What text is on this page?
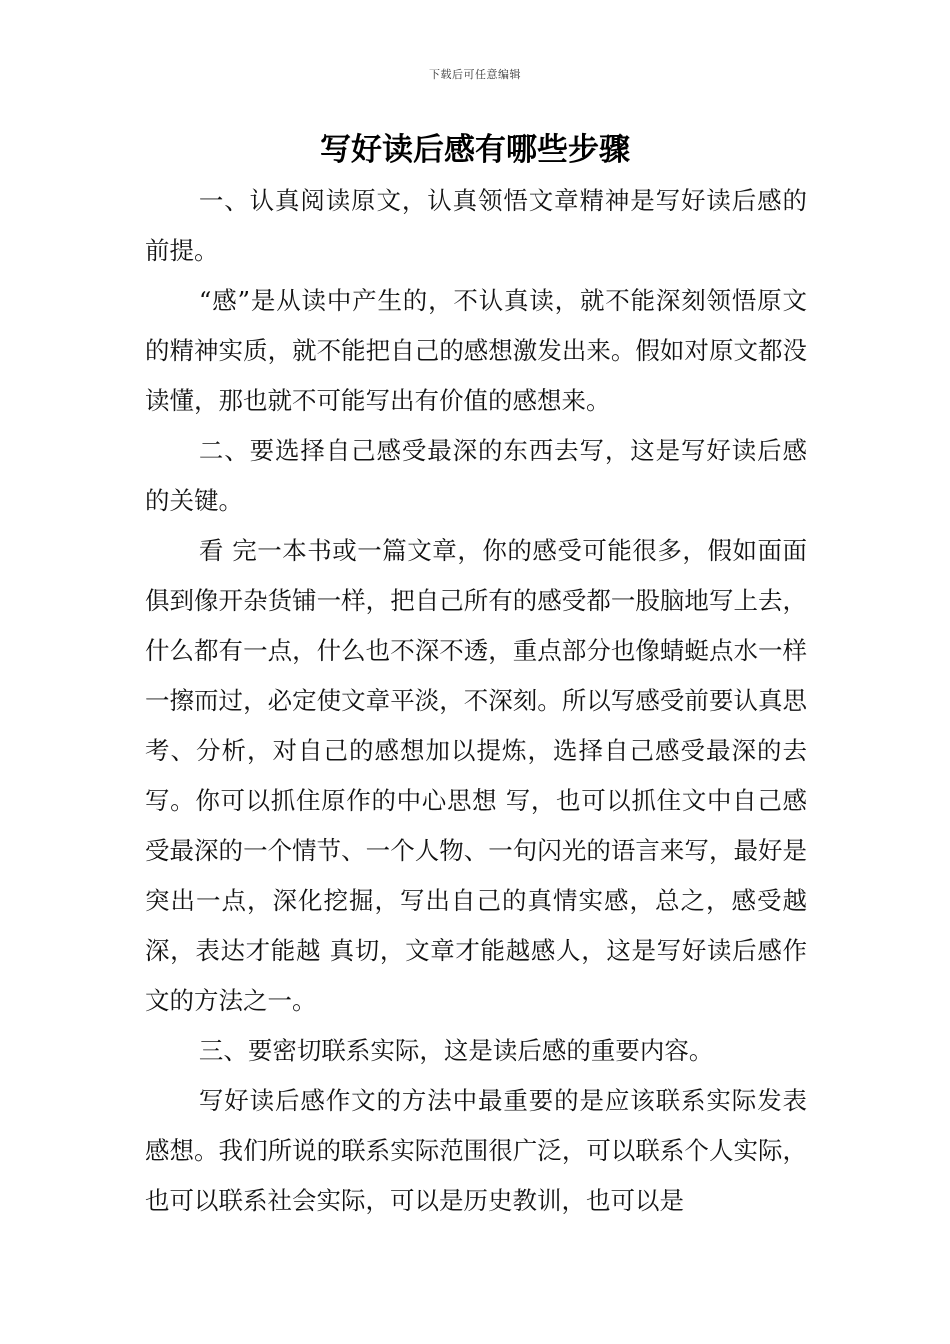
下载后可任意编辑
写好读后感有哪些步骤

一、认真阅读原文，认真领悟文章精神是写好读后感的前提。

“感”是从读中产生的，不认真读，就不能深刻领悟原文的精神实质，就不能把自己的感想激发出来。假如对原文都没读懂，那也就不可能写出有价值的感想来。

二、要选择自己感受最深的东西去写，这是写好读后感的关键。

看 完一本书或一篇文章，你的感受可能很多，假如面面俱到像开杂货铺一样，把自己所有的感受都一股脑地写上去，什么都有一点，什么也不深不透，重点部分也像蜻蜓点水一样一擦而过，必定使文章平淡，不深刻。所以写感受前要认真思考、分析，对自己的感想加以提炼，选择自己感受最深的去写。你可以抓住原作的中心思想 写，也可以抓住文中自己感受最深的一个情节、一个人物、一句闪光的语言来写，最好是突出一点，深化挖掘，写出自己的真情实感，总之，感受越深，表达才能越 真切，文章才能越感人，这是写好读后感作文的方法之一。

三、要密切联系实际，这是读后感的重要内容。

写好读后感作文的方法中最重要的是应该联系实际发表感想。我们所说的联系实际范围很广泛，可以联系个人实际，也可以联系社会实际，可以是历史教训，也可以是
